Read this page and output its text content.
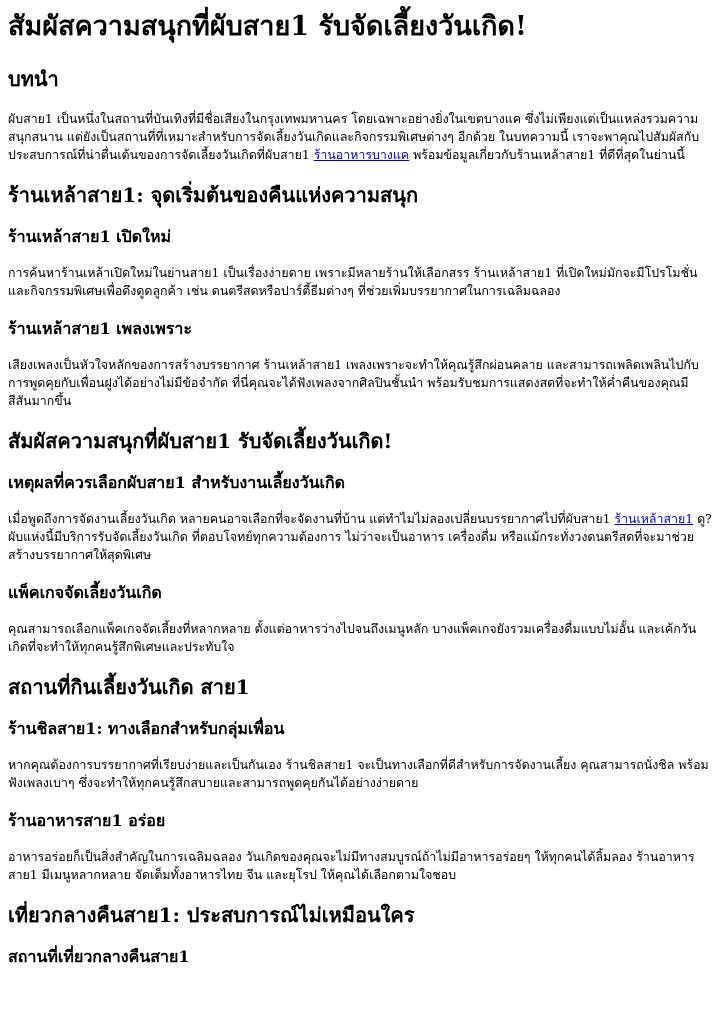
สัมผัสความสนุกที่ผับสาย1 รับจัดเลี้ยงวันเกิด!
บทนำ

ผับสาย1 เป็นหนึ่งในสถานที่บันเทิงที่มีชื่อเสียงในกรุงเทพมหานคร โดยเฉพาะอย่างยิ่งในเขตบางแค ซึ่งไม่เพียงแต่เป็นแหล่งรวมความสนุกสนาน แต่ยังเป็นสถานที่ที่เหมาะสำหรับการจัดเลี้ยงวันเกิดและกิจกรรมพิเศษต่างๆ อีกด้วย ในบทความนี้ เราจะพาคุณไปสัมผัสกับประสบการณ์ที่น่าตื่นเต้นของการจัดเลี้ยงวันเกิดที่ผับสาย1 ร้านอาหารบางแค พร้อมข้อมูลเกี่ยวกับร้านเหล้าสาย1 ที่ดีที่สุดในย่านนี้

ร้านเหล้าสาย1: จุดเริ่มต้นของคืนแห่งความสนุก
ร้านเหล้าสาย1 เปิดใหม่

การค้นหาร้านเหล้าเปิดใหม่ในย่านสาย1 เป็นเรื่องง่ายดาย เพราะมีหลายร้านให้เลือกสรร ร้านเหล้าสาย1 ที่เปิดใหม่มักจะมีโปรโมชั่นและกิจกรรมพิเศษเพื่อดึงดูดลูกค้า เช่น ดนตรีสดหรือปาร์ตี้ธีมต่างๆ ที่ช่วยเพิ่มบรรยากาศในการเฉลิมฉลอง

ร้านเหล้าสาย1 เพลงเพราะ

เสียงเพลงเป็นหัวใจหลักของการสร้างบรรยากาศ ร้านเหล้าสาย1 เพลงเพราะจะทำให้คุณรู้สึกผ่อนคลาย และสามารถเพลิดเพลินไปกับการพูดคุยกับเพื่อนฝูงได้อย่างไม่มีข้อจำกัด ที่นี่คุณจะได้ฟังเพลงจากศิลปินชั้นนำ พร้อมรับชมการแสดงสดที่จะทำให้ค่ำคืนของคุณมีสีสันมากขึ้น

สัมผัสความสนุกที่ผับสาย1 รับจัดเลี้ยงวันเกิด!
เหตุผลที่ควรเลือกผับสาย1 สำหรับงานเลี้ยงวันเกิด

เมื่อพูดถึงการจัดงานเลี้ยงวันเกิด หลายคนอาจเลือกที่จะจัดงานที่บ้าน แต่ทำไมไม่ลองเปลี่ยนบรรยากาศไปที่ผับสาย1 ร้านเหล้าสาย1 ดู? ผับแห่งนี้มีบริการรับจัดเลี้ยงวันเกิด ที่ตอบโจทย์ทุกความต้องการ ไม่ว่าจะเป็นอาหาร เครื่องดื่ม หรือแม้กระทั่งวงดนตรีสดที่จะมาช่วยสร้างบรรยากาศให้สุดพิเศษ

แพ็คเกจจัดเลี้ยงวันเกิด

คุณสามารถเลือกแพ็คเกจจัดเลี้ยงที่หลากหลาย ตั้งแต่อาหารว่างไปจนถึงเมนูหลัก บางแพ็คเกจยังรวมเครื่องดื่มแบบไม่อั้น และเค้กวันเกิดที่จะทำให้ทุกคนรู้สึกพิเศษและประทับใจ

สถานที่กินเลี้ยงวันเกิด สาย1
ร้านชิลสาย1: ทางเลือกสำหรับกลุ่มเพื่อน

หากคุณต้องการบรรยากาศที่เรียบง่ายและเป็นกันเอง ร้านชิลสาย1 จะเป็นทางเลือกที่ดีสำหรับการจัดงานเลี้ยง คุณสามารถนั่งชิล พร้อมฟังเพลงเบาๆ ซึ่งจะทำให้ทุกคนรู้สึกสบายและสามารถพูดคุยกันได้อย่างง่ายดาย

ร้านอาหารสาย1 อร่อย

อาหารอร่อยก็เป็นสิ่งสำคัญในการเฉลิมฉลอง วันเกิดของคุณจะไม่มีทางสมบูรณ์ถ้าไม่มีอาหารอร่อยๆ ให้ทุกคนได้ลิ้มลอง ร้านอาหารสาย1 มีเมนูหลากหลาย จัดเต็มทั้งอาหารไทย จีน และยุโรป ให้คุณได้เลือกตามใจชอบ

เที่ยวกลางคืนสาย1: ประสบการณ์ไม่เหมือนใคร
สถานที่เที่ยวกลางคืนสาย1
